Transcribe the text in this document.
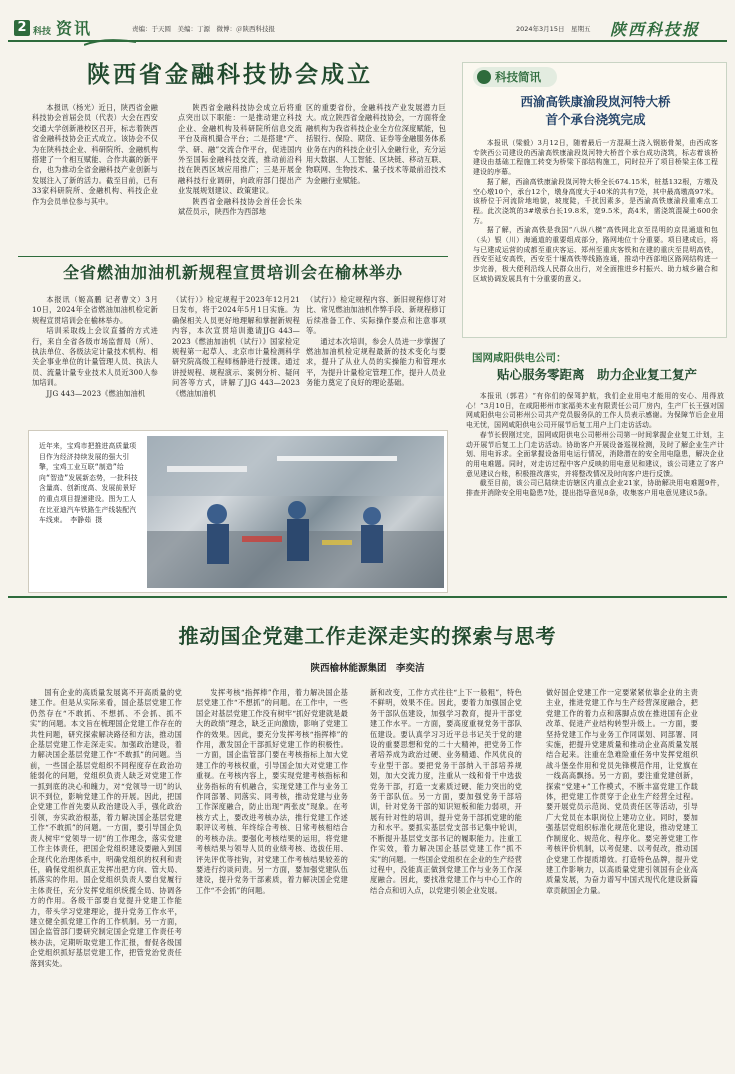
2 科技 资讯	责编：于天圆　美编：丁源　微博：＠陕西科技报	2024年3月15日　星期五 陕西科技报
陕西省金融科技协会成立

本报讯（杨光）近日，陕西省金融科技协会首届会员（代表）大会在西安交通大学创新港校区召开，标志着陕西省金融科技协会正式成立。该协会不仅为在陕科技企业、科研院所、金融机构搭建了一个相互赋能、合作共赢的新平台，也为推动全省金融科技产业创新与发展注入了新的活力。截至目前，已有33家科研院所、金融机构、科技企业作为会员单位参与其中。

陕西省金融科技协会成立后将重点突出以下职能：一是推动建立科技企业、金融机构及科研院所信息交流平台及商机撮合平台；二是搭建“产、学、研、融”交流合作平台，促进国内外至国际金融科技交流，推动前沿科技在陕西区域应用推广；三是开展金融科技行业调研，向政府部门提出产业发展规划建议、政策建议。

陕西省金融科技协会首任会长朱斌莅员示，陕西作为西部地

区的重要省份，金融科技产业发展潜力巨大。成立陕西省金融科技协会，一方面将金融机构为我省科技企业全方位深度赋能，包括银行、保险、期货、证券等金融服务体系业务在内的科技企业引入金融行业，充分运用大数据、人工智能、区块链、移动互联、物联网、生物技术、量子技术等最前沿技术为金融行业赋能。

全省燃油加油机新规程宣贯培训会在榆林举办

本报讯（姬高鹏 记者曹文）3月10日，2024年全省燃油加油机检定新规程宣贯培训会在榆林举办。

培训采取线上会议直播的方式进行，来自全省各级市场监督局（所）、执法单位、各级法定计量技术机构、相关企事业单位的计量管理人员、执法人员、流量计量专业技术人员近300人参加培训。

JJG 443—2023《燃油加油机

（试行）》检定规程于2023年12月21日发布，将于2024年5月1日实施。为确保相关人员更好地理解和掌握新规程内容，本次宣贯培训邀请JJG 443—2023《燃油加油机（试行）》国家检定规程第一起草人、北京市计量检测科学研究院高级工程师杨静进行授课。通过讲授规程、规程演示、案例分析、疑问问答等方式，讲解了JJG 443—2023《燃油加油机

（试行）》检定规程内容、新旧规程修订对比、常见燃油加油机作弊手段、新规程修订后续准备工作、实际操作要点和注意事项等。

通过本次培训，参会人员进一步掌握了燃油加油机检定规程最新的技术变化与要求，提升了从业人员的实操能力和管理水平，为提升计量检定管理工作，提升人员业务能力奠定了良好的理论基础。

近年来，宝鸡市把推进高质量项目作为经济持续发展的强大引擎，宝鸡工业互联“制造”给向“智造”发展新态势，一批科技含量高、创新度高、发展前景好的重点项目提速建设。图为工人在比亚迪汽车铁路生产线装配汽车线束。　李静茹 摄
科技简讯
西渝高铁康渝段岚河特大桥
首个承台浇筑完成

本报讯（梁毅）3月12日，随着最后一方混凝土浇入钢筋骨架，由西成客专陕西公司建设的西渝高铁康渝段岚河特大桥首个承台成功浇筑，标志着该桥建设由基础工程施工转变为桥梁下部结构施工，同时拉开了项目桥梁主体工程建设的序幕。

据了解，西渝高铁康渝段岚河特大桥全长674.15米，桩基132根，方墩及空心墩10个，承台12个，墩身高度大于40米的共有7处，其中最高墩高97米。该桥位于河流阶地地貌，坡度陡，千扰因素多，是西渝高铁康渝段重难点工程。此次浇筑的3#墩承台长19.8米，宽9.5米，高4米，需浇筑混凝土600余方。

据了解，西渝高铁是我国“八纵八横”高铁网北京至昆明的京昆通道和包（头）银（川）海通道的重要组成部分，路网地位十分重要。项目建成后，将与已建成运营的成都至重庆客运、郑州至重庆客铁和在建的重庆至昆明高铁，西安至延安高铁，西安至十堰高铁等线路连通，推动中西部地区路网结构进一步完善，极大便利沿线人民群众出行，对全面推进乡村振兴、助力城乡融合和区域协调发展具有十分重要的意义。

国网咸阳供电公司：
贴心服务零距离　助力企业复工复产

本报讯（郭君）“有你们的保驾护航，我们企业用电才能用的安心、用得放心！”3月10日，在咸阳彬州市家福美木业有限责任公司厂房内，生产厂长王强对国网咸阳供电公司彬州公司共产党员服务队的工作人员表示感谢。为保障节后企业用电无忧，国网咸阳供电公司开展节后复工用户上门走访活动。

春节长假刚过完，国网咸阳供电公司彬州公司第一时间掌握企业复工计划，主动开展节后复工上门走访活动。协助客户开展设备巡视检测，及时了解企业生产计划、用电诉求。全面掌握设备用电运行情况，消除潜在的安全用电隐患，解决企业的用电难题。同时，对走访过程中客户反映的用电意见和建议，该公司建立了客户意见建议台账，积极推改落实，并将整改情况及时向客户进行反馈。

截至目前，该公司已陆续走访辖区内重点企业21家，协助解决用电难题9件，排查并消除安全用电隐患7处，提出指导意见8条，收集客户用电意见建议5条。

推动国企党建工作走深走实的探索与思考
陕西榆林能源集团　李奕洁

国有企业的高质量发展离不开高质量的党建工作。但是从实际来看，国企基层党建工作仍然存在“不敢抓、不想抓、不会抓、抓不实”的问题。本文旨在梳理国企党建工作存在的共性问题，研究探索解决路径和方法，推动国企基层党建工作走深走实。加强政治建设，着力解决国企基层党建工作“不敢抓”的问题。当前，一些国企基层党组织不同程度存在政治功能弱化的问题，党组织负责人缺乏对党建工作一抓到底的决心和魄力，对“党领导一切”的认识不到位，影响党建工作的开展。因此，把国企党建工作首先要从政治建设入手，强化政治引领，夯实政治根基，着力解决国企基层党建工作“不敢抓”的问题。一方面，要引导国企负责人树牢“党领导一切”的工作理念，落实党建工作主体责任，把国企党组织建设要融入到国企现代化治理体系中，明确党组织的权利和责任，确保党组织真正发挥出把方向、管大局、抓落实的作用。国企党组织负责人要自觉履行主体责任，充分发挥党组织统揽全局、协调各方的作用。各级干部要自觉提升党建工作能力，带头学习党建理论，提升党务工作水平，建立健全抓党建工作的工作机制。另一方面，国企监管部门要研究制定国企党建工作责任考核办法，定期听取党建工作汇报，督促各级国企党组织抓好基层党建工作，把管党治党责任落到实处。

发挥考核“指挥棒”作用，着力解决国企基层党建工作“不想抓”的问题。在工作中，一些国企对基层党建工作没有树牢“抓好党建就是最大的政绩”理念，缺乏正向激励，影响了党建工作的效果。因此，要充分发挥考核“指挥棒”的作用，激发国企干部抓好党建工作的积极性。一方面，国企监管部门要在考核指标上加大党建工作的考核权重，引导国企加大对党建工作重视。在考核内容上，要实现党建考核指标和业务指标的有机融合，实现党建工作与业务工作同部署、同落实、同考核，推动党建与业务工作深度融合，防止出现“两张皮”现象。在考核方式上，要改进考核办法，推行党建工作述职评议考核、年终综合考核、日常考核相结合的考核办法。要强化考核结果的运用，将党建考核结果与领导人员的业绩考核、选拔任用、评先评优等挂钩，对党建工作考核结果较差的要进行约谈问责。另一方面，要加强党建队伍建设，提升党务干部素质，着力解决国企党建工作“不会抓”的问题。

新和改变，工作方式往往“上下一般粗”，特色不鲜明，效果不佳。因此，要着力加强国企党务干部队伍建设，加强学习教育，提升干部党建工作水平。一方面，要高度重视党务干部队伍建设。要认真学习习近平总书记关于党的建设的重要思想和党的二十大精神，把党务工作者培养成为政治过硬、业务精通、作风优良的专业型干部。要把党务干部纳入干部培养规划，加大交流力度，注重从一线和骨干中选拔党务干部，打造一支素质过硬、能力突出的党务干部队伍。另一方面，要加强党务干部培训，针对党务干部的知识短板和能力弱项，开展有针对性的培训，提升党务干部抓党建的能力和水平。要抓实基层党支部书记集中轮训，不断提升基层党支部书记的履职能力。注重工作实效，着力解决国企基层党建工作“抓不实”的问题。一些国企党组织在企业的生产经营过程中，没能真正做到党建工作与业务工作深度融合。因此，要找准党建工作与中心工作的结合点和切入点，以党建引领企业发展。

做好国企党建工作一定要紧紧依靠企业的主责主业，推进党建工作与生产经营深度融合，把党建工作的着力点和落脚点放在推进国有企业改革、促进产业结构转型升级上。一方面，要坚持党建工作与业务工作同谋划、同部署、同实施，把提升党建质量和推动企业高质量发展结合起来。注重在急难险重任务中发挥党组织战斗堡垒作用和党员先锋模范作用，让党旗在一线高高飘扬。另一方面，要注重党建创新，探索“党建+”工作模式，不断丰富党建工作载体，把党建工作贯穿于企业生产经营全过程。要开展党员示范岗、党员责任区等活动，引导广大党员在本职岗位上建功立业。同时，要加强基层党组织标准化规范化建设，推动党建工作制度化、规范化、程序化。要完善党建工作考核评价机制，以考促建、以考促改，推动国企党建工作提质增效。打造特色品牌，提升党建工作影响力，以高质量党建引领国有企业高质量发展，为奋力谱写中国式现代化建设新篇章贡献国企力量。
